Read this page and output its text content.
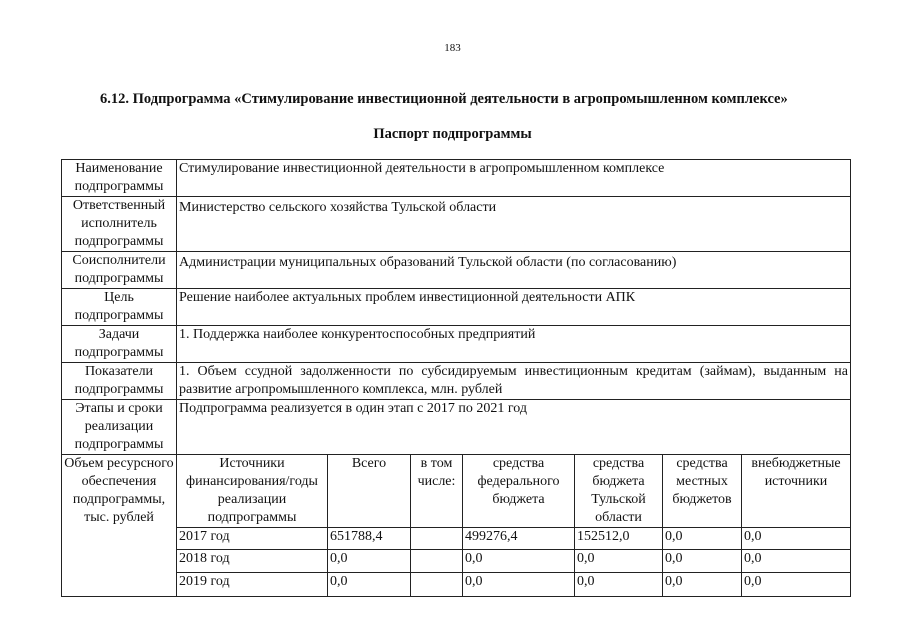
183
6.12. Подпрограмма «Стимулирование инвестиционной деятельности в агропромышленном комплексе»
Паспорт подпрограммы
Наименование подпрограммы	Стимулирование инвестиционной деятельности в агропромышленном комплексе
Ответственный исполнитель подпрограммы	Министерство сельского хозяйства Тульской области
Соисполнители подпрограммы	Администрации муниципальных образований Тульской области (по согласованию)
Цель подпрограммы	Решение наиболее актуальных проблем инвестиционной деятельности АПК
Задачи подпрограммы	1. Поддержка наиболее конкурентоспособных предприятий
Показатели подпрограммы	1. Объем ссудной задолженности по субсидируемым инвестиционным кредитам (займам), выданным на развитие агропромышленного комплекса, млн. рублей
Этапы и сроки реализации подпрограммы	Подпрограмма реализуется в один этап с 2017 по 2021 год

Объем ресурсного обеспечения подпрограммы, тыс. рублей

Источники финансирования/годы реализации подпрограммы	Всего	в том числе:	средства федерального бюджета	средства бюджета Тульской области	средства местных бюджетов	внебюджетные источники
2017 год	651788,4		499276,4	152512,0	0,0	0,0
2018 год	0,0		0,0	0,0	0,0	0,0
2019 год	0,0		0,0	0,0	0,0	0,0
